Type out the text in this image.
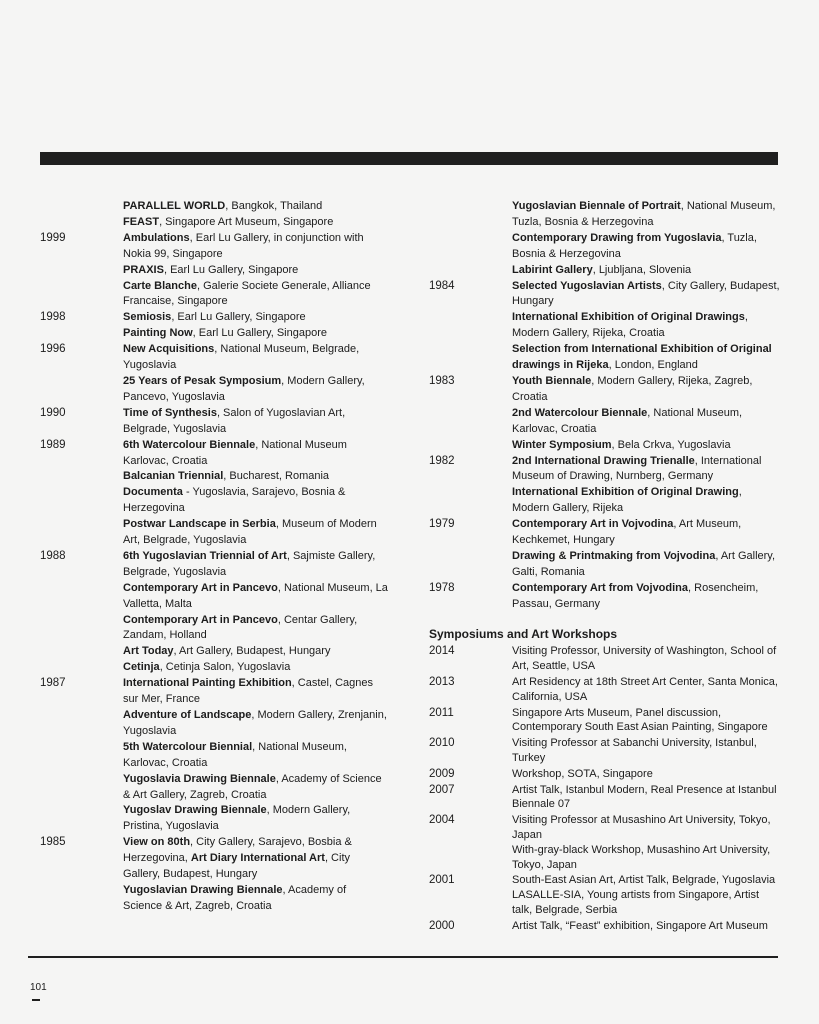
PARALLEL WORLD, Bangkok, Thailand
FEAST, Singapore Art Museum, Singapore
1999	Ambulations, Earl Lu Gallery, in conjunction with Nokia 99, Singapore
PRAXIS, Earl Lu Gallery, Singapore
Carte Blanche, Galerie Societe Generale, Alliance Francaise, Singapore
1998	Semiosis, Earl Lu Gallery, Singapore
Painting Now, Earl Lu Gallery, Singapore
1996	New Acquisitions, National Museum, Belgrade, Yugoslavia
25 Years of Pesak Symposium, Modern Gallery, Pancevo, Yugoslavia
1990	Time of Synthesis, Salon of Yugoslavian Art, Belgrade, Yugoslavia
1989	6th Watercolour Biennale, National Museum Karlovac, Croatia
Balcanian Triennial, Bucharest, Romania
Documenta - Yugoslavia, Sarajevo, Bosnia & Herzegovina
Postwar Landscape in Serbia, Museum of Modern Art, Belgrade, Yugoslavia
1988	6th Yugoslavian Triennial of Art, Sajmiste Gallery, Belgrade, Yugoslavia
Contemporary Art in Pancevo, National Museum, La Valletta, Malta
Contemporary Art in Pancevo, Centar Gallery, Zandam, Holland
Art Today, Art Gallery, Budapest, Hungary
Cetinja, Cetinja Salon, Yugoslavia
1987	International Painting Exhibition, Castel, Cagnes sur Mer, France
Adventure of Landscape, Modern Gallery, Zrenjanin, Yugoslavia
5th Watercolour Biennial, National Museum, Karlovac, Croatia
Yugoslavia Drawing Biennale, Academy of Science & Art Gallery, Zagreb, Croatia
Yugoslav Drawing Biennale, Modern Gallery, Pristina, Yugoslavia
1985	View on 80th, City Gallery, Sarajevo, Bosbia & Herzegovina, Art Diary International Art, City Gallery, Budapest, Hungary
Yugoslavian Drawing Biennale, Academy of Science & Art, Zagreb, Croatia
Yugoslavian Biennale of Portrait, National Museum, Tuzla, Bosnia & Herzegovina
Contemporary Drawing from Yugoslavia, Tuzla, Bosnia & Herzegovina
Labirint Gallery, Ljubljana, Slovenia
1984	Selected Yugoslavian Artists, City Gallery, Budapest, Hungary
International Exhibition of Original Drawings, Modern Gallery, Rijeka, Croatia
Selection from International Exhibition of Original drawings in Rijeka, London, England
1983	Youth Biennale, Modern Gallery, Rijeka, Zagreb, Croatia
2nd Watercolour Biennale, National Museum, Karlovac, Croatia
Winter Symposium, Bela Crkva, Yugoslavia
1982	2nd International Drawing Trienalle, International Museum of Drawing, Nurnberg, Germany
International Exhibition of Original Drawing, Modern Gallery, Rijeka
1979	Contemporary Art in Vojvodina, Art Museum, Kechkemet, Hungary
Drawing & Printmaking from Vojvodina, Art Gallery, Galti, Romania
1978	Contemporary Art from Vojvodina, Rosencheim, Passau, Germany
Symposiums and Art Workshops
2014	Visiting Professor, University of Washington, School of Art, Seattle, USA
2013	Art Residency at 18th Street Art Center, Santa Monica, California, USA
2011	Singapore Arts Museum, Panel discussion, Contemporary South East Asian Painting, Singapore
2010	Visiting Professor at Sabanchi University, Istanbul, Turkey
2009	Workshop, SOTA, Singapore
2007	Artist Talk, Istanbul Modern, Real Presence at Istanbul Biennale 07
2004	Visiting Professor at Musashino Art University, Tokyo, Japan
With-gray-black Workshop, Musashino Art University, Tokyo, Japan
2001	South-East Asian Art, Artist Talk, Belgrade, Yugoslavia
LASALLE-SIA, Young artists from Singapore, Artist talk, Belgrade, Serbia
2000	Artist Talk, “Feast” exhibition, Singapore Art Museum
101
